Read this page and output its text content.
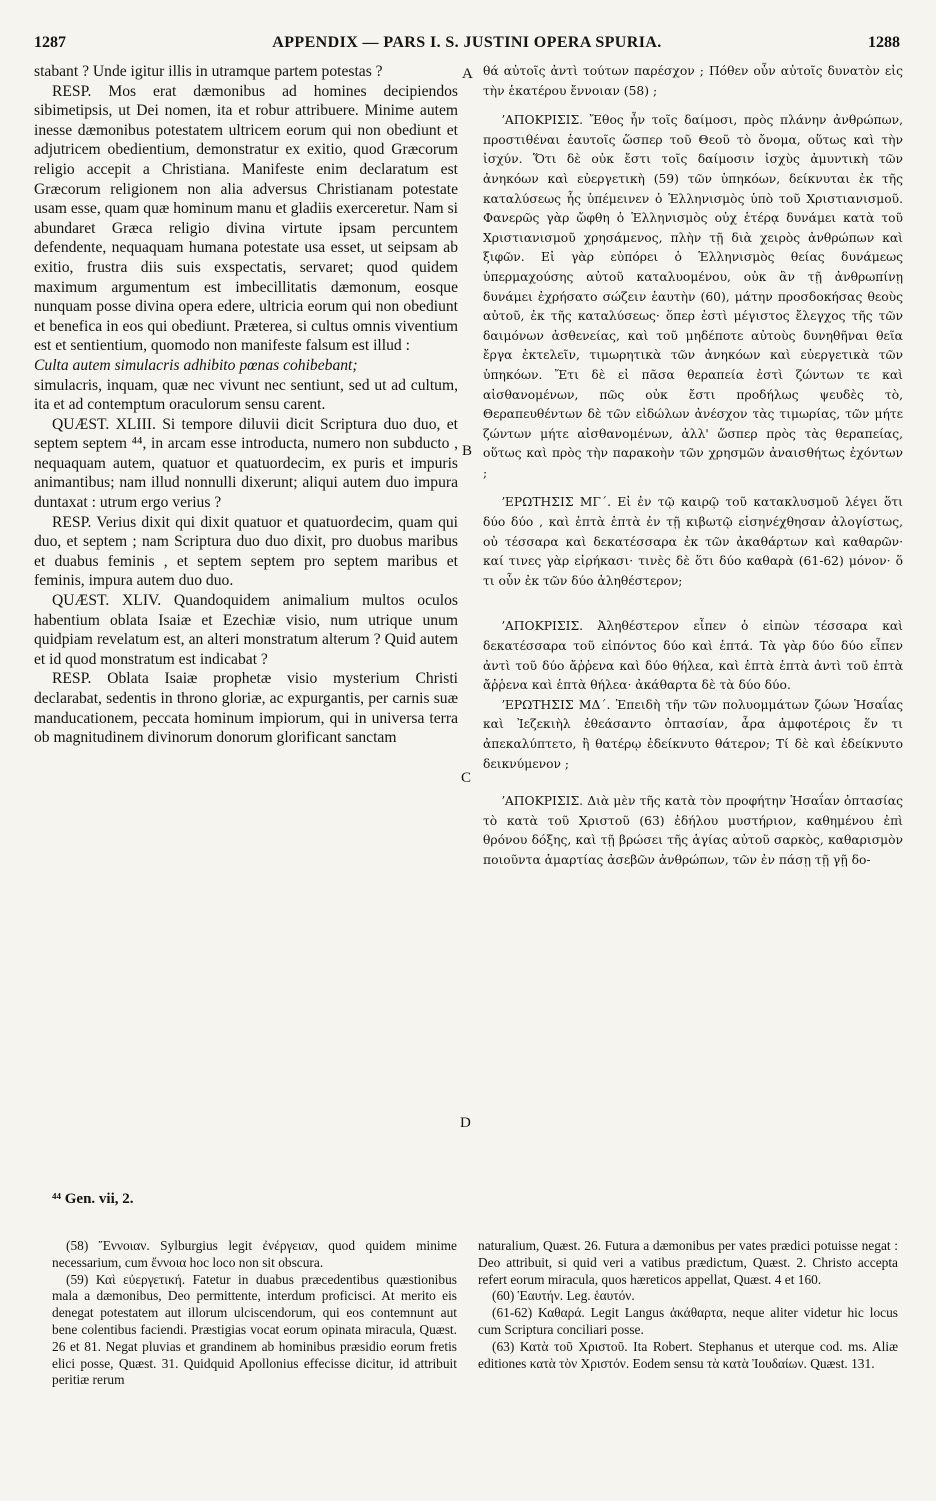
1287	APPENDIX — PARS I. S. JUSTINI OPERA SPURIA.	1288

stabant ? Unde igitur illis in utramque partem potestas ?

RESP. Mos erat dæmonibus ad homines decipiendos sibimetipsis, ut Dei nomen, ita et robur attribuere. Minime autem inesse dæmonibus potestatem ultricem eorum qui non obediunt et adjutricem obedientium, demonstratur ex exitio, quod Græcorum religio accepit a Christiana. Manifeste enim declaratum est Græcorum religionem non alia adversus Christianam potestate usam esse, quam quæ hominum manu et gladiis exerceretur. Nam si abundaret Græca religio divina virtute ipsam percuntem defendente, nequaquam humana potestate usa esset, ut seipsam ab exitio, frustra diis suis exspectatis, servaret; quod quidem maximum argumentum est imbecillitatis dæmonum, eosque nunquam posse divina opera edere, ultricia eorum qui non obediunt et benefica in eos qui obediunt. Præterea, si cultus omnis viventium est et sentientium, quomodo non manifeste falsum est illud :

Culta autem simulacris adhibito pœnas cohibebant;

simulacris, inquam, quæ nec vivunt nec sentiunt, sed ut ad cultum, ita et ad contemptum oraculorum sensu carent.

QUÆST. XLIII. Si tempore diluvii dicit Scriptura duo duo, et septem septem ⁴⁴, in arcam esse introducta, numero non subducto , nequaquam autem, quatuor et quatuordecim, ex puris et impuris animantibus; nam illud nonnulli dixerunt; aliqui autem duo impura duntaxat : utrum ergo verius ?

RESP. Verius dixit qui dixit quatuor et quatuordecim, quam qui duo, et septem ; nam Scriptura duo duo dixit, pro duobus maribus et duabus feminis , et septem septem pro septem maribus et feminis, impura autem duo duo.

QUÆST. XLIV. Quandoquidem animalium multos oculos habentium oblata Isaiæ et Ezechiæ visio, num utrique unum quidpiam revelatum est, an alteri monstratum alterum ? Quid autem et id quod monstratum est indicabat ?

RESP. Oblata Isaiæ prophetæ visio mysterium Christi declarabat, sedentis in throno gloriæ, ac expurgantis, per carnis suæ manducationem, peccata hominum impiorum, qui in universa terra ob magnitudinem divinorum donorum glorificant sanctam

A
B
C
D

θά αὐτοῖς ἀντὶ τούτων παρέσχον ; Πόθεν οὖν αὐτοῖς δυνατὸν εἰς τὴν ἑκατέρου ἔννοιαν (58) ;

ʼΑΠΟΚΡΙΣΙΣ. Ἔθος ἦν τοῖς δαίμοσι, πρὸς πλάνην ἀνθρώπων, προστιθέναι ἑαυτοῖς ὥσπερ τοῦ Θεοῦ τὸ ὄνομα, οὕτως καὶ τὴν ἰσχύν. Ὅτι δὲ οὐκ ἔστι τοῖς δαίμοσιν ἰσχὺς ἀμυντικὴ τῶν ἀνηκόων καὶ εὐεργετικὴ (59) τῶν ὑπηκόων, δείκνυται ἐκ τῆς καταλύσεως ἧς ὑπέμεινεν ὁ Ἑλληνισμὸς ὑπὸ τοῦ Χριστιανισμοῦ. Φανερῶς γὰρ ὤφθη ὁ Ἑλληνισμὸς οὐχ ἑτέρᾳ δυνάμει κατὰ τοῦ Χριστιανισμοῦ χρησάμενος, πλὴν τῇ διὰ χειρὸς ἀνθρώπων καὶ ξιφῶν. Εἰ γὰρ εὐπόρει ὁ Ἑλληνισμὸς θείας δυνάμεως ὑπερμαχούσης αὐτοῦ καταλυομένου, οὐκ ἂν τῇ ἀνθρωπίνῃ δυνάμει ἐχρήσατο σώζειν ἑαυτὴν (60), μάτην προσδοκήσας θεοὺς αὐτοῦ, ἐκ τῆς καταλύσεως· ὅπερ ἐστὶ μέγιστος ἔλεγχος τῆς τῶν δαιμόνων ἀσθενείας, καὶ τοῦ μηδέποτε αὐτοὺς δυνηθῆναι θεῖα ἔργα ἐκτελεῖν, τιμωρητικὰ τῶν ἀνηκόων καὶ εὐεργετικὰ τῶν ὑπηκόων. Ἔτι δὲ εἰ πᾶσα θεραπεία ἐστὶ ζώντων τε καὶ αἰσθανομένων, πῶς οὐκ ἔστι προδήλως ψευδὲς τὸ, Θεραπευθέντων δὲ τῶν εἰδώλων ἀνέσχον τὰς τιμωρίας, τῶν μήτε ζώντων μήτε αἰσθανομένων, ἀλλ' ὥσπερ πρὸς τὰς θεραπείας, οὕτως καὶ πρὸς τὴν παρακοὴν τῶν χρησμῶν ἀναισθήτως ἐχόντων ;

ʼΕΡΩΤΗΣΙΣ ΜΓ΄. Εἰ ἐν τῷ καιρῷ τοῦ κατακλυσμοῦ λέγει ὅτι δύο δύο , καὶ ἑπτὰ ἑπτὰ ἐν τῇ κιβωτῷ εἰσηνέχθησαν ἀλογίστως, οὐ τέσσαρα καὶ δεκατέσσαρα ἐκ τῶν ἀκαθάρτων καὶ καθαρῶν· καί τινες γὰρ εἰρήκασι· τινὲς δὲ ὅτι δύο καθαρὰ (61-62) μόνον· ὅ τι οὖν ἐκ τῶν δύο ἀληθέστερον;

ʼΑΠΟΚΡΙΣΙΣ. Ἀληθέστερον εἶπεν ὁ εἰπὼν τέσσαρα καὶ δεκατέσσαρα τοῦ εἰπόντος δύο καὶ ἑπτά. Τὰ γὰρ δύο δύο εἶπεν ἀντὶ τοῦ δύο ἄῤῥενα καὶ δύο θήλεα, καὶ ἑπτὰ ἑπτὰ ἀντὶ τοῦ ἑπτὰ ἄῤῥενα καὶ ἑπτὰ θήλεα· ἀκάθαρτα δὲ τὰ δύο δύο.

ʼΕΡΩΤΗΣΙΣ ΜΔ΄. Ἐπειδὴ τῆν τῶν πολυομμάτων ζώων Ἡσαΐας καὶ Ἰεζεκιὴλ ἐθεάσαντο ὀπτασίαν, ἆρα ἀμφοτέροις ἕν τι ἀπεκαλύπτετο, ἢ θατέρῳ ἐδείκνυτο θάτερον; Τί δὲ καὶ ἐδείκνυτο δεικνύμενον ;

ʼΑΠΟΚΡΙΣΙΣ. Διὰ μὲν τῆς κατὰ τὸν προφήτην Ἡσαΐαν ὀπτασίας τὸ κατὰ τοῦ Χριστοῦ (63) ἐδήλου μυστήριον, καθημένου ἐπὶ θρόνου δόξης, καὶ τῇ βρώσει τῆς ἁγίας αὐτοῦ σαρκὸς, καθαρισμὸν ποιοῦντα ἁμαρτίας ἀσεβῶν ἀνθρώπων, τῶν ἐν πάσῃ τῇ γῇ δο-

⁴⁴ Gen. vii, 2.

(58) Ἔννοιαν. Sylburgius legit ἐνέργειαν, quod quidem minime necessarium, cum ἔννοια hoc loco non sit obscura.

(59) Καὶ εὐεργετική. Fatetur in duabus præcedentibus quæstionibus mala a dæmonibus, Deo permittente, interdum proficisci. At merito eis denegat potestatem aut illorum ulciscendorum, qui eos contemnunt aut bene colentibus faciendi. Præstigias vocat eorum opinata miracula, Quæst. 26 et 81. Negat pluvias et grandinem ab hominibus præsidio eorum fretis elici posse, Quæst. 31. Quidquid Apollonius effecisse dicitur, id attribuit peritiæ rerum

naturalium, Quæst. 26. Futura a dæmonibus per vates prædici potuisse negat : Deo attribuit, si quid veri a vatibus prædictum, Quæst. 2. Christo accepta refert eorum miracula, quos hæreticos appellat, Quæst. 4 et 160.

(60) Ἑαυτήν. Leg. ἑαυτόν.

(61-62) Καθαρά. Legit Langus ἀκάθαρτα, neque aliter videtur hic locus cum Scriptura conciliari posse.

(63) Κατὰ τοῦ Χριστοῦ. Ita Robert. Stephanus et uterque cod. ms. Aliæ editiones κατὰ τὸν Χριστόν. Eodem sensu τὰ κατὰ Ἰουδαίων. Quæst. 131.
